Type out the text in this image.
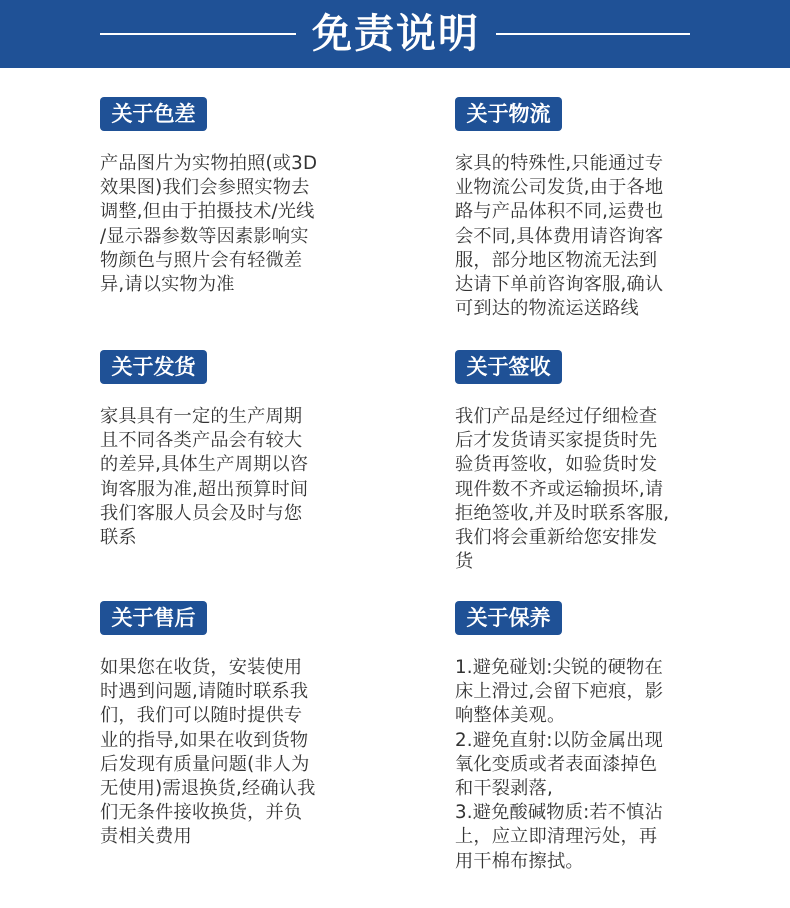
免责说明
关于色差
产品图片为实物拍照(或3D
效果图)我们会参照实物去
调整,但由于拍摄技术/光线
/显示器参数等因素影响实
物颜色与照片会有轻微差
异,请以实物为准
关于物流
家具的特殊性,只能通过专
业物流公司发货,由于各地
路与产品体积不同,运费也
会不同,具体费用请咨询客
服，部分地区物流无法到
达请下单前咨询客服,确认
可到达的物流运送路线
关于发货
家具具有一定的生产周期
且不同各类产品会有较大
的差异,具体生产周期以咨
询客服为准,超出预算时间
我们客服人员会及时与您
联系
关于签收
我们产品是经过仔细检查
后才发货请买家提货时先
验货再签收，如验货时发
现件数不齐或运输损坏,请
拒绝签收,并及时联系客服,
我们将会重新给您安排发
货
关于售后
如果您在收货，安装使用
时遇到问题,请随时联系我
们，我们可以随时提供专
业的指导,如果在收到货物
后发现有质量问题(非人为
无使用)需退换货,经确认我
们无条件接收换货，并负
责相关费用
关于保养
1.避免碰划:尖锐的硬物在
床上滑过,会留下疤痕，影
响整体美观。
2.避免直射:以防金属出现
氧化变质或者表面漆掉色
和干裂剥落,
3.避免酸碱物质:若不慎沾
上，应立即清理污处，再
用干棉布擦拭。
